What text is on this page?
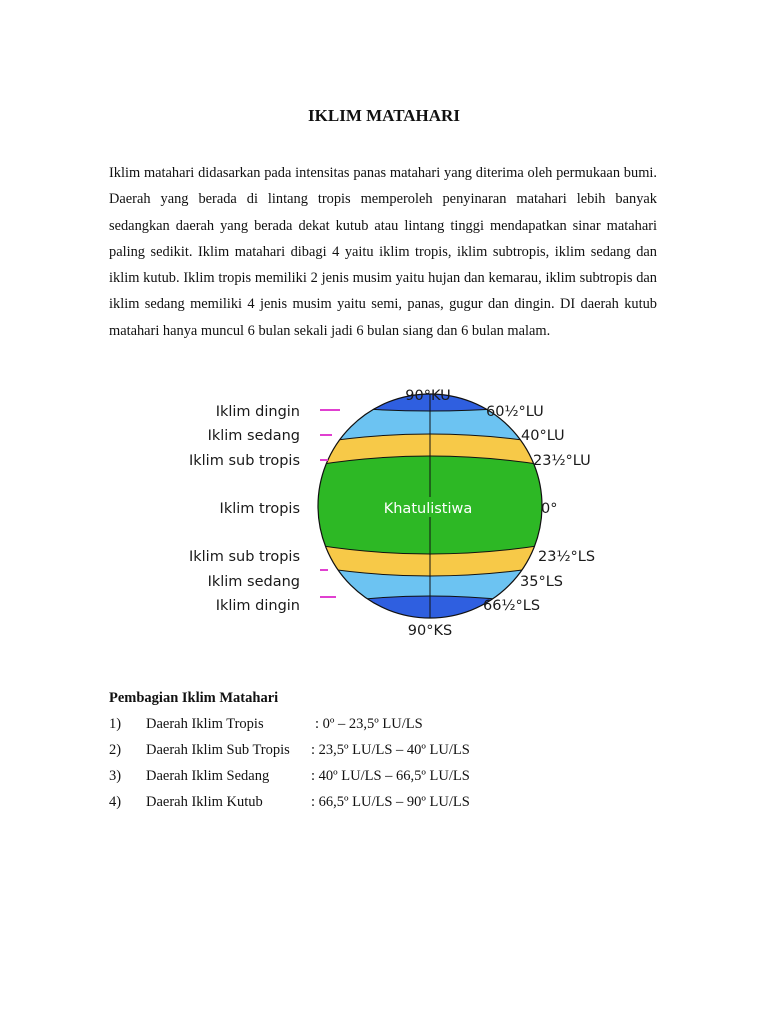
IKLIM MATAHARI

Iklim matahari didasarkan pada intensitas panas matahari yang diterima oleh permukaan bumi. Daerah yang berada di lintang tropis memperoleh penyinaran matahari lebih banyak sedangkan daerah yang berada dekat kutub atau lintang tinggi mendapatkan sinar matahari paling sedikit. Iklim matahari dibagi 4 yaitu iklim tropis, iklim subtropis, iklim sedang dan iklim kutub. Iklim tropis memiliki 2 jenis musim yaitu hujan dan kemarau, iklim subtropis dan iklim sedang memiliki 4 jenis musim yaitu semi, panas, gugur dan dingin. DI daerah kutub matahari hanya muncul 6 bulan sekali jadi 6 bulan siang dan 6 bulan malam.

Iklim dingin
Iklim sedang
Iklim sub tropis
Iklim tropis
Iklim sub tropis
Iklim sedang
Iklim dingin
90°KU
90°KS
Khatulistiwa
60½°LU
40°LU
23½°LU
0°
23½°LS
35°LS
66½°LS
Pembagian Iklim Matahari
1) Daerah Iklim Tropis	: 0º – 23,5º LU/LS
2) Daerah Iklim Sub Tropis : 23,5º LU/LS – 40º LU/LS
3) Daerah Iklim Sedang	: 40º LU/LS – 66,5º LU/LS
4) Daerah Iklim Kutub	: 66,5º LU/LS – 90º LU/LS
